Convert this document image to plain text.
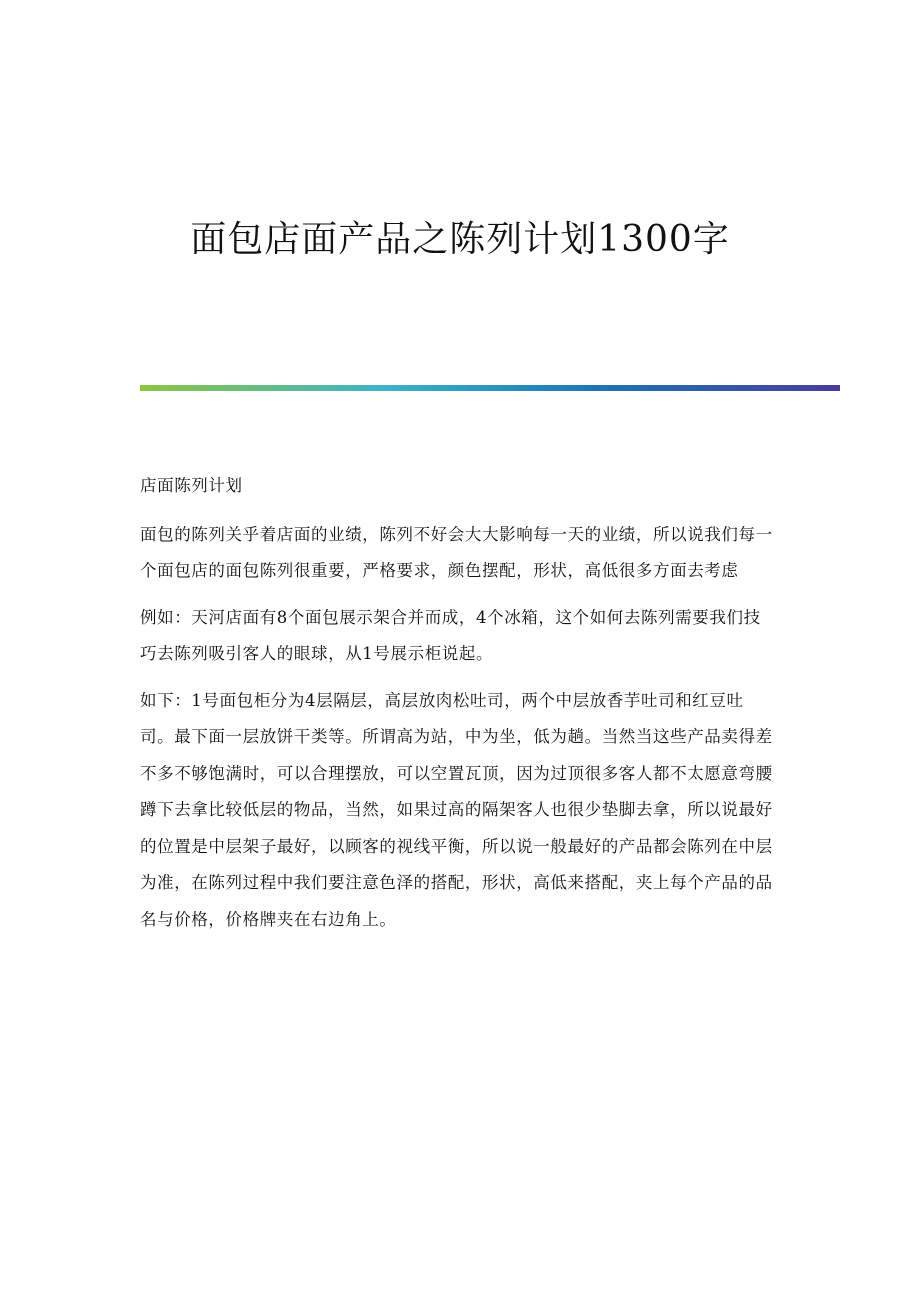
面包店面产品之陈列计划1300字

店面陈列计划

面包的陈列关乎着店面的业绩，陈列不好会大大影响每一天的业绩，所以说我们每一个面包店的面包陈列很重要，严格要求，颜色摆配，形状，高低很多方面去考虑

例如：天河店面有8个面包展示架合并而成，4个冰箱，这个如何去陈列需要我们技巧去陈列吸引客人的眼球，从1号展示柜说起。

如下：1号面包柜分为4层隔层，高层放肉松吐司，两个中层放香芋吐司和红豆吐司。最下面一层放饼干类等。所谓高为站，中为坐，低为趟。当然当这些产品卖得差不多不够饱满时，可以合理摆放，可以空置瓦顶，因为过顶很多客人都不太愿意弯腰蹲下去拿比较低层的物品，当然，如果过高的隔架客人也很少垫脚去拿，所以说最好的位置是中层架子最好，以顾客的视线平衡，所以说一般最好的产品都会陈列在中层为准，在陈列过程中我们要注意色泽的搭配，形状，高低来搭配，夹上每个产品的品名与价格，价格牌夹在右边角上。
